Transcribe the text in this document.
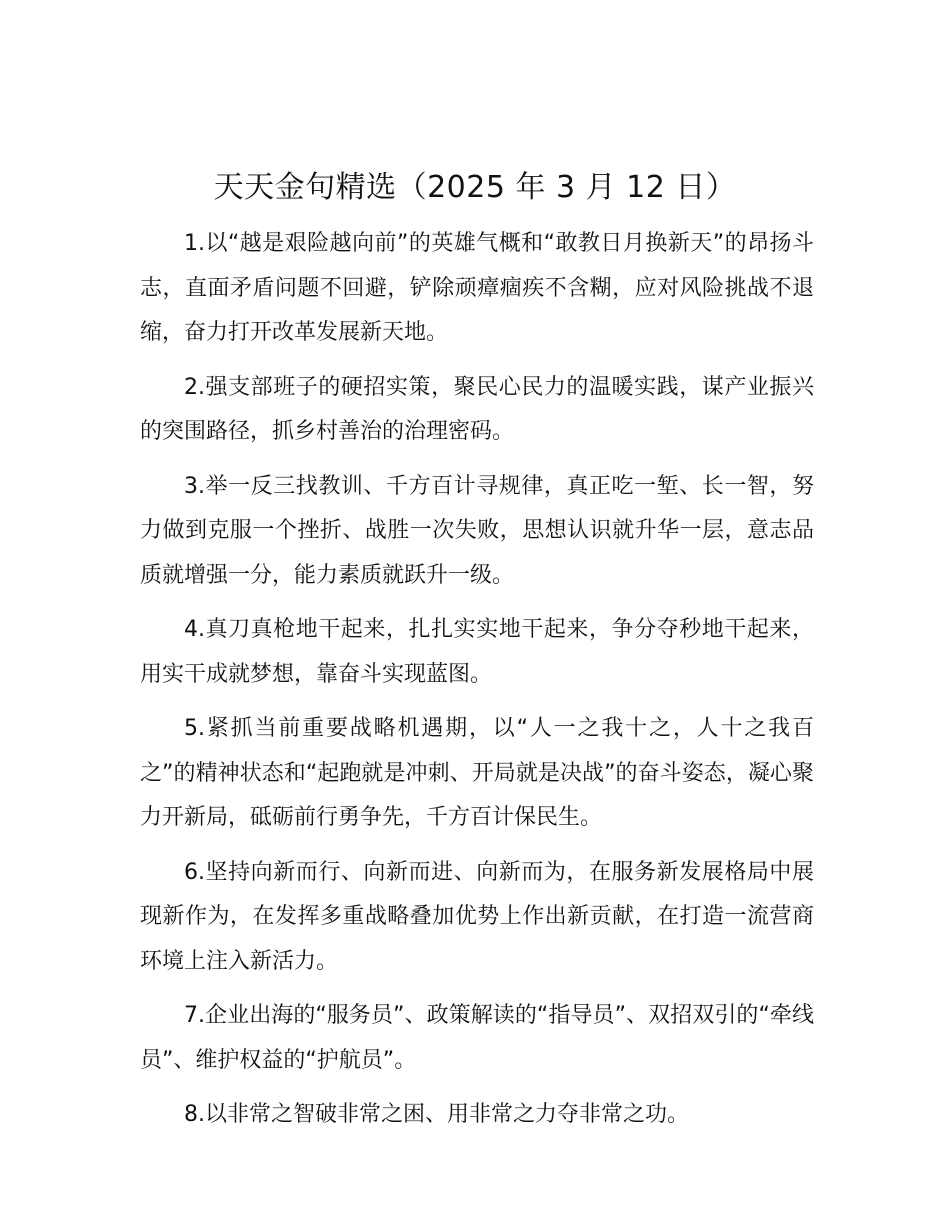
天天金句精选（2025 年 3 月 12 日）

1.以“越是艰险越向前”的英雄气概和“敢教日月换新天”的昂扬斗志，直面矛盾问题不回避，铲除顽瘴痼疾不含糊，应对风险挑战不退缩，奋力打开改革发展新天地。

2.强支部班子的硬招实策，聚民心民力的温暖实践，谋产业振兴的突围路径，抓乡村善治的治理密码。

3.举一反三找教训、千方百计寻规律，真正吃一堑、长一智，努力做到克服一个挫折、战胜一次失败，思想认识就升华一层，意志品质就增强一分，能力素质就跃升一级。

4.真刀真枪地干起来，扎扎实实地干起来，争分夺秒地干起来，用实干成就梦想，靠奋斗实现蓝图。

5.紧抓当前重要战略机遇期，以“人一之我十之，人十之我百之”的精神状态和“起跑就是冲刺、开局就是决战”的奋斗姿态，凝心聚力开新局，砥砺前行勇争先，千方百计保民生。

6.坚持向新而行、向新而进、向新而为，在服务新发展格局中展现新作为，在发挥多重战略叠加优势上作出新贡献，在打造一流营商环境上注入新活力。

7.企业出海的“服务员”、政策解读的“指导员”、双招双引的“牵线员”、维护权益的“护航员”。

8.以非常之智破非常之困、用非常之力夺非常之功。
